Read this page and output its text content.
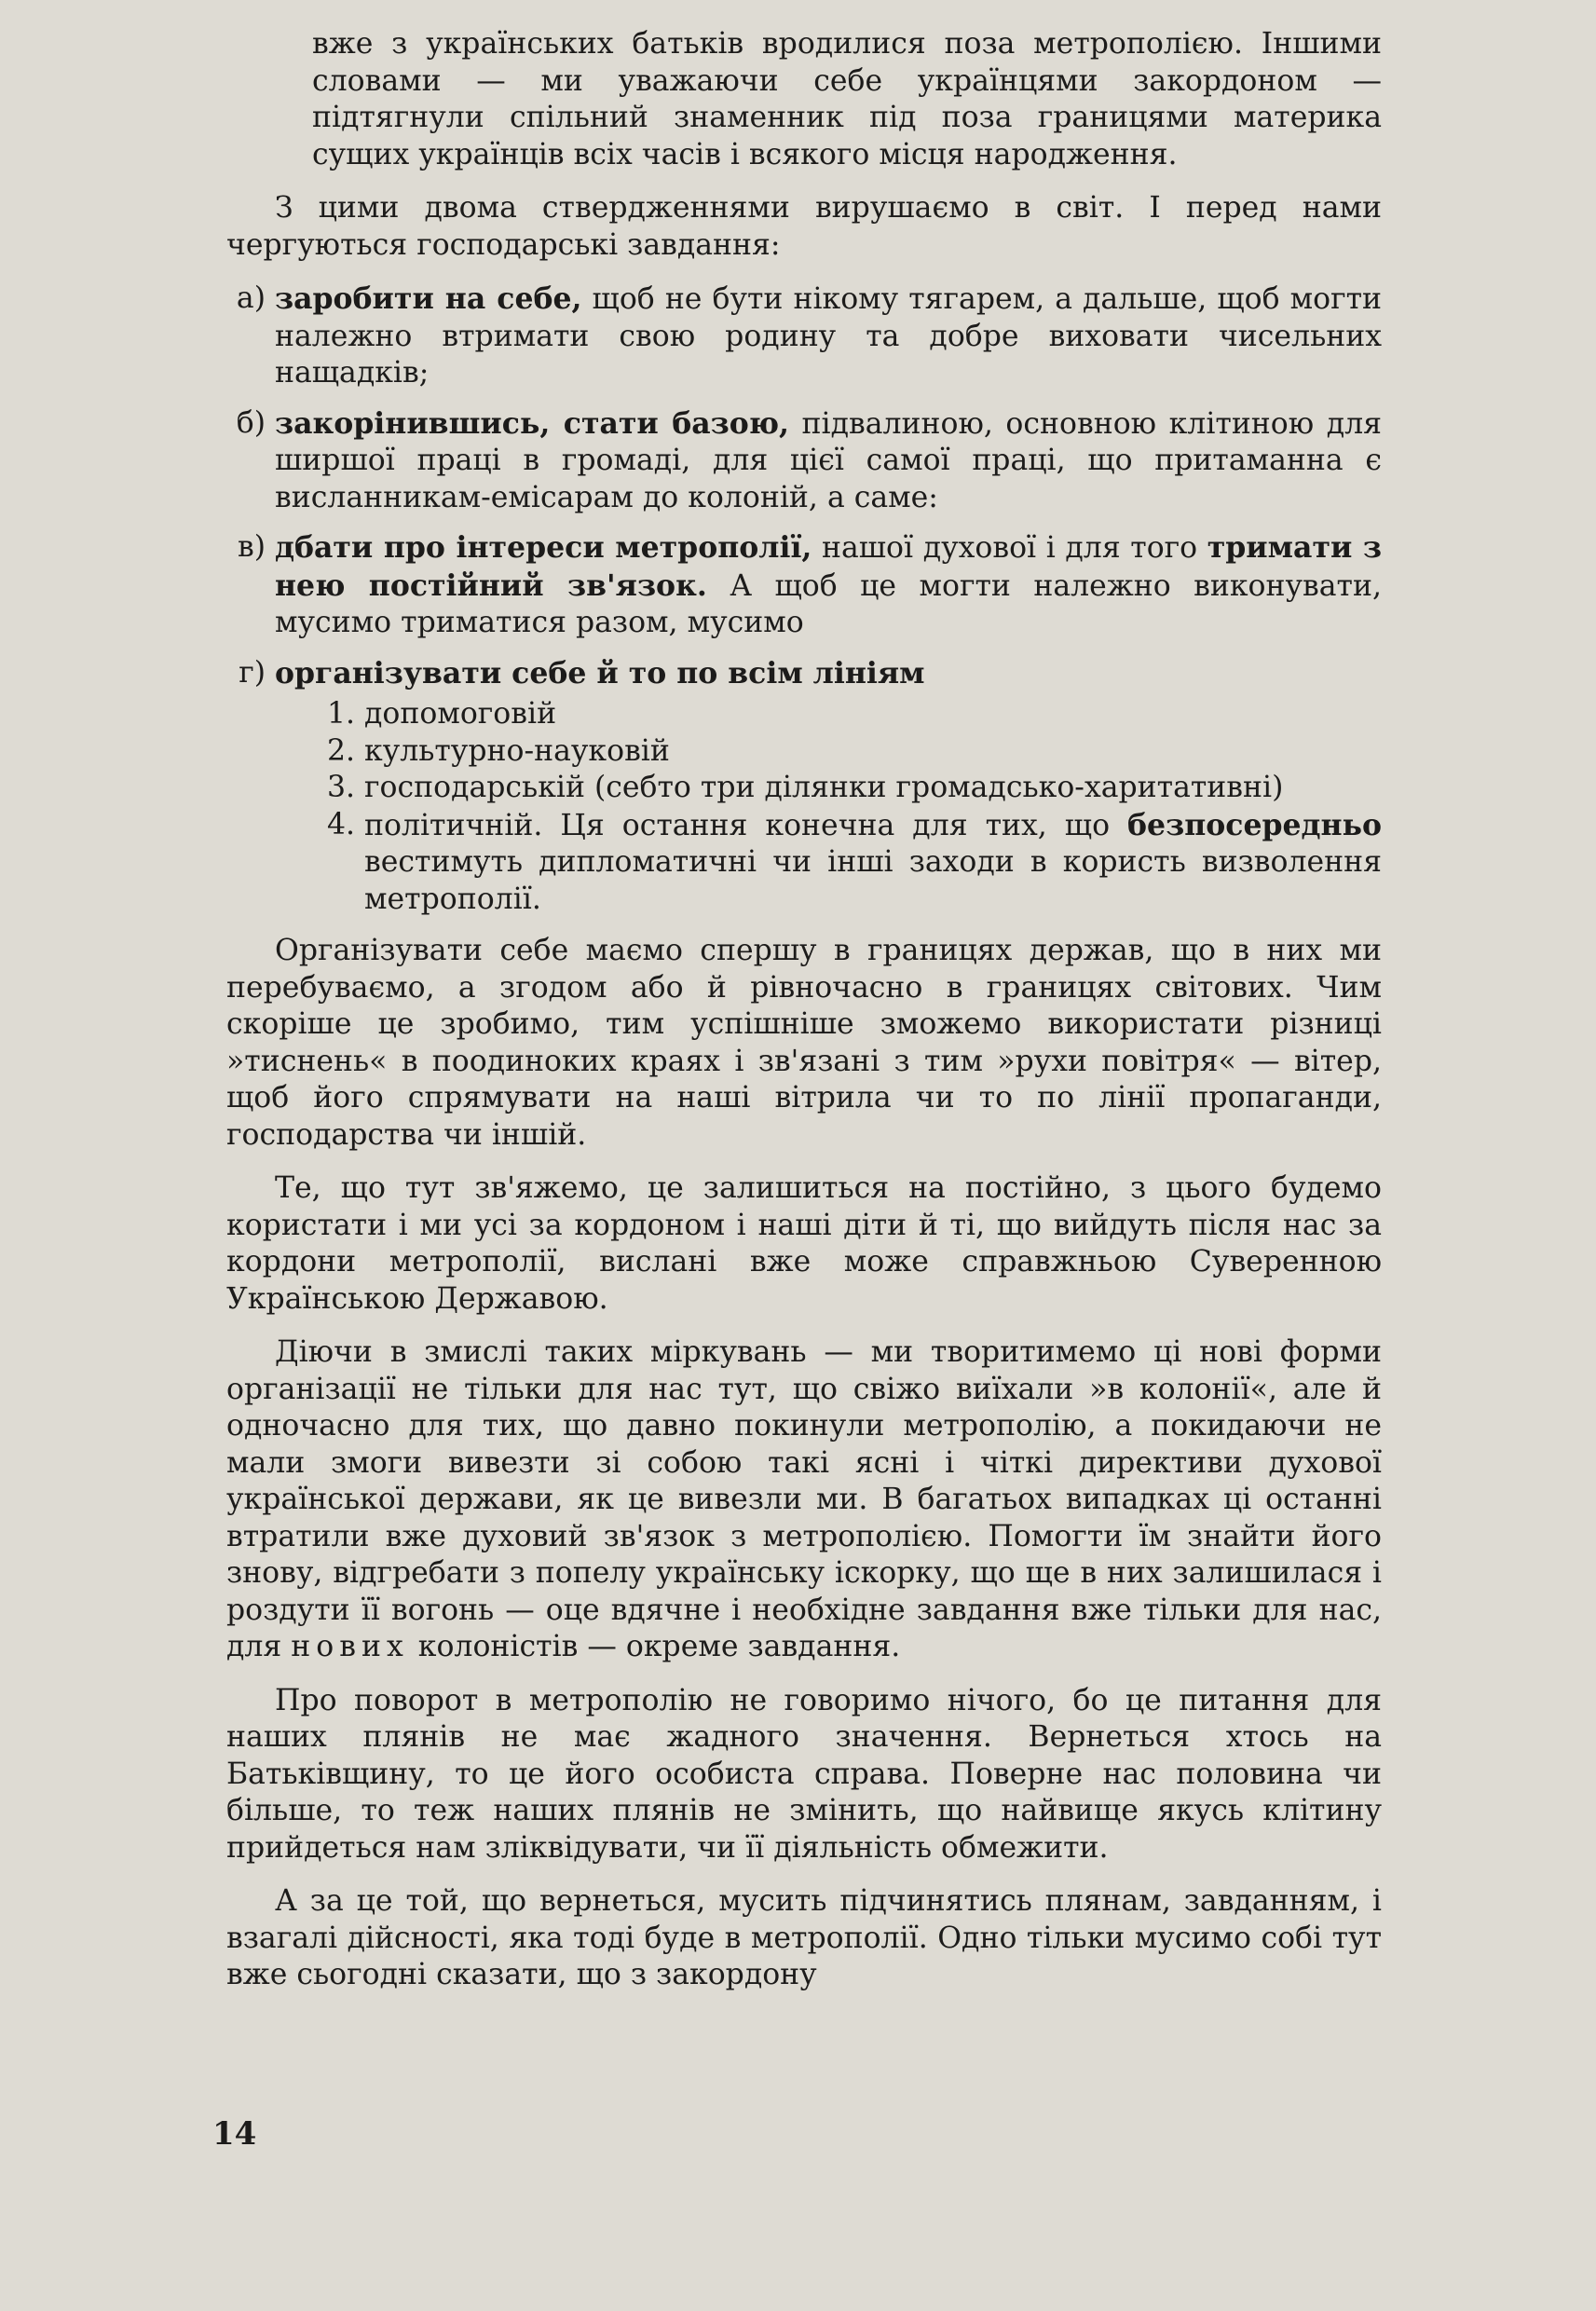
вже з українських батьків вродилися поза метрополією. Іншими словами — ми уважаючи себе українцями закордоном — підтягнули спільний знаменник під поза границями материка сущих українців всіх часів і всякого місця народження.

З цими двома ствердженнями вирушаємо в світ. І перед нами чергуються господарські завдання:

а) заробити на себе, щоб не бути нікому тягарем, а дальше, щоб могти належно втримати свою родину та добре виховати чисельних нащадків;

б) закорінившись, стати базою, підвалиною, основною клітиною для ширшої праці в громаді, для цієї самої праці, що притаманна є висланникам-емісарам до колоній, а саме:

в) дбати про інтереси метрополії, нашої духової і для того тримати з нею постійний зв'язок. А щоб це могти належно виконувати, мусимо триматися разом, мусимо

г) організувати себе й то по всім лініям

1. допомоговій

2. культурно-науковій

3. господарській (себто три ділянки громадсько-харитативні)

4. політичній. Ця остання конечна для тих, що безпосередньо вестимуть дипломатичні чи інші заходи в користь визволення метрополії.

Організувати себе маємо спершу в границях держав, що в них ми перебуваємо, а згодом або й рівночасно в границях світових. Чим скоріше це зробимо, тим успішніше зможемо використати різниці »тиснень« в поодиноких краях і зв'язані з тим »рухи повітря« — вітер, щоб його спрямувати на наші вітрила чи то по лінії пропаганди, господарства чи іншій.

Те, що тут зв'яжемо, це залишиться на постійно, з цього будемо користати і ми усі за кордоном і наші діти й ті, що вийдуть після нас за кордони метрополії, вислані вже може справжньою Суверенною Українською Державою.

Діючи в змислі таких міркувань — ми творитимемо ці нові форми організації не тільки для нас тут, що свіжо виїхали »в колонії«, але й одночасно для тих, що давно покинули метрополію, а покидаючи не мали змоги вивезти зі собою такі ясні і чіткі директиви духової української держави, як це вивезли ми. В багатьох випадках ці останні втратили вже духовий зв'язок з метрополією. Помогти їм знайти його знову, відгребати з попелу українську іскорку, що ще в них залишилася і роздути її вогонь — оце вдячне і необхідне завдання вже тільки для нас, для нових колоністів — окреме завдання.

Про поворот в метрополію не говоримо нічого, бо це питання для наших плянів не має жадного значення. Вернеться хтось на Батьківщину, то це його особиста справа. Поверне нас половина чи більше, то теж наших плянів не змінить, що найвище якусь клітину прийдеться нам зліквідувати, чи її діяльність обмежити.

А за це той, що вернеться, мусить підчинятись плянам, завданням, і взагалі дійсності, яка тоді буде в метрополії. Одно тільки мусимо собі тут вже сьогодні сказати, що з закордону

14
